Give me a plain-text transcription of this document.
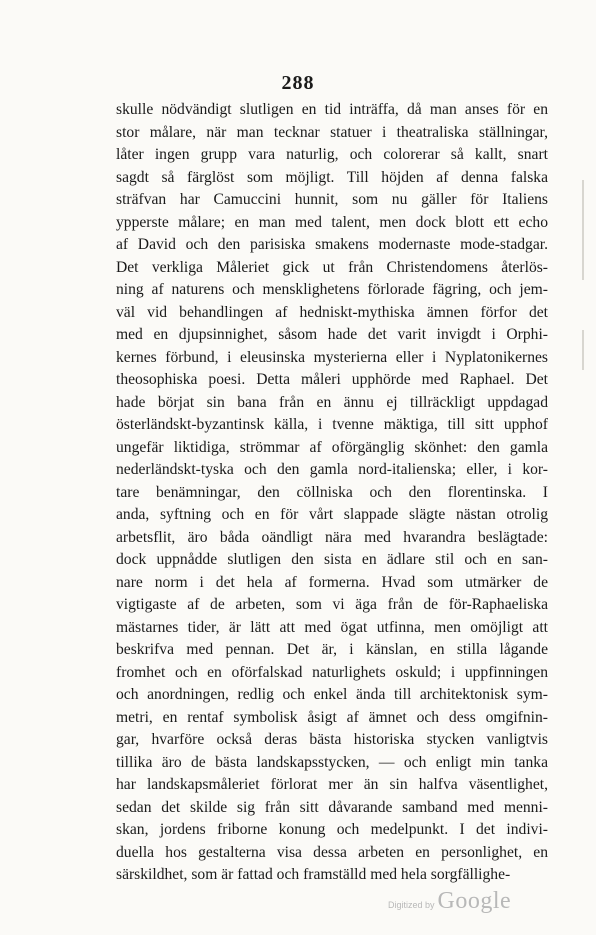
288
skulle nödvändigt slutligen en tid inträffa, då man anses för en
stor målare, när man tecknar statuer i theatraliska ställningar,
låter ingen grupp vara naturlig, och colorerar så kallt, snart
sagdt så färglöst som möjligt. Till höjden af denna falska
sträfvan har Camuccini hunnit, som nu gäller för Italiens
ypperste målare; en man med talent, men dock blott ett echo
af David och den parisiska smakens modernaste mode-stadgar.
Det verkliga Måleriet gick ut från Christendomens återlös-
ning af naturens och mensklighetens förlorade fägring, och jem-
väl vid behandlingen af hedniskt-mythiska ämnen förfor det
med en djupsinnighet, såsom hade det varit invigdt i Orphi-
kernes förbund, i eleusinska mysterierna eller i Nyplatonikernes
theosophiska poesi. Detta måleri upphörde med Raphael. Det
hade börjat sin bana från en ännu ej tillräckligt uppdagad
österländskt-byzantinsk källa, i tvenne mäktiga, till sitt upphof
ungefär liktidiga, strömmar af oförgänglig skönhet: den gamla
nederländskt-tyska och den gamla nord-italienska; eller, i kor-
tare benämningar, den cöllniska och den florentinska. I
anda, syftning och en för vårt slappade slägte nästan otrolig
arbetsflit, äro båda oändligt nära med hvarandra beslägtade:
dock uppnådde slutligen den sista en ädlare stil och en san-
nare norm i det hela af formerna. Hvad som utmärker de
vigtigaste af de arbeten, som vi äga från de för-Raphaeliska
mästarnes tider, är lätt att med ögat utfinna, men omöjligt att
beskrifva med pennan. Det är, i känslan, en stilla lågande
fromhet och en oförfalskad naturlighets oskuld; i uppfinningen
och anordningen, redlig och enkel ända till architektonisk sym-
metri, en rentaf symbolisk åsigt af ämnet och dess omgifnin-
gar, hvarföre också deras bästa historiska stycken vanligtvis
tillika äro de bästa landskapsstycken, — och enligt min tanka
har landskapsmåleriet förlorat mer än sin halfva väsentlighet,
sedan det skilde sig från sitt dåvarande samband med menni-
skan, jordens friborne konung och medelpunkt. I det indivi-
duella hos gestalterna visa dessa arbeten en personlighet, en
särskildhet, som är fattad och framställd med hela sorgfällighe-
Digitized by Google
